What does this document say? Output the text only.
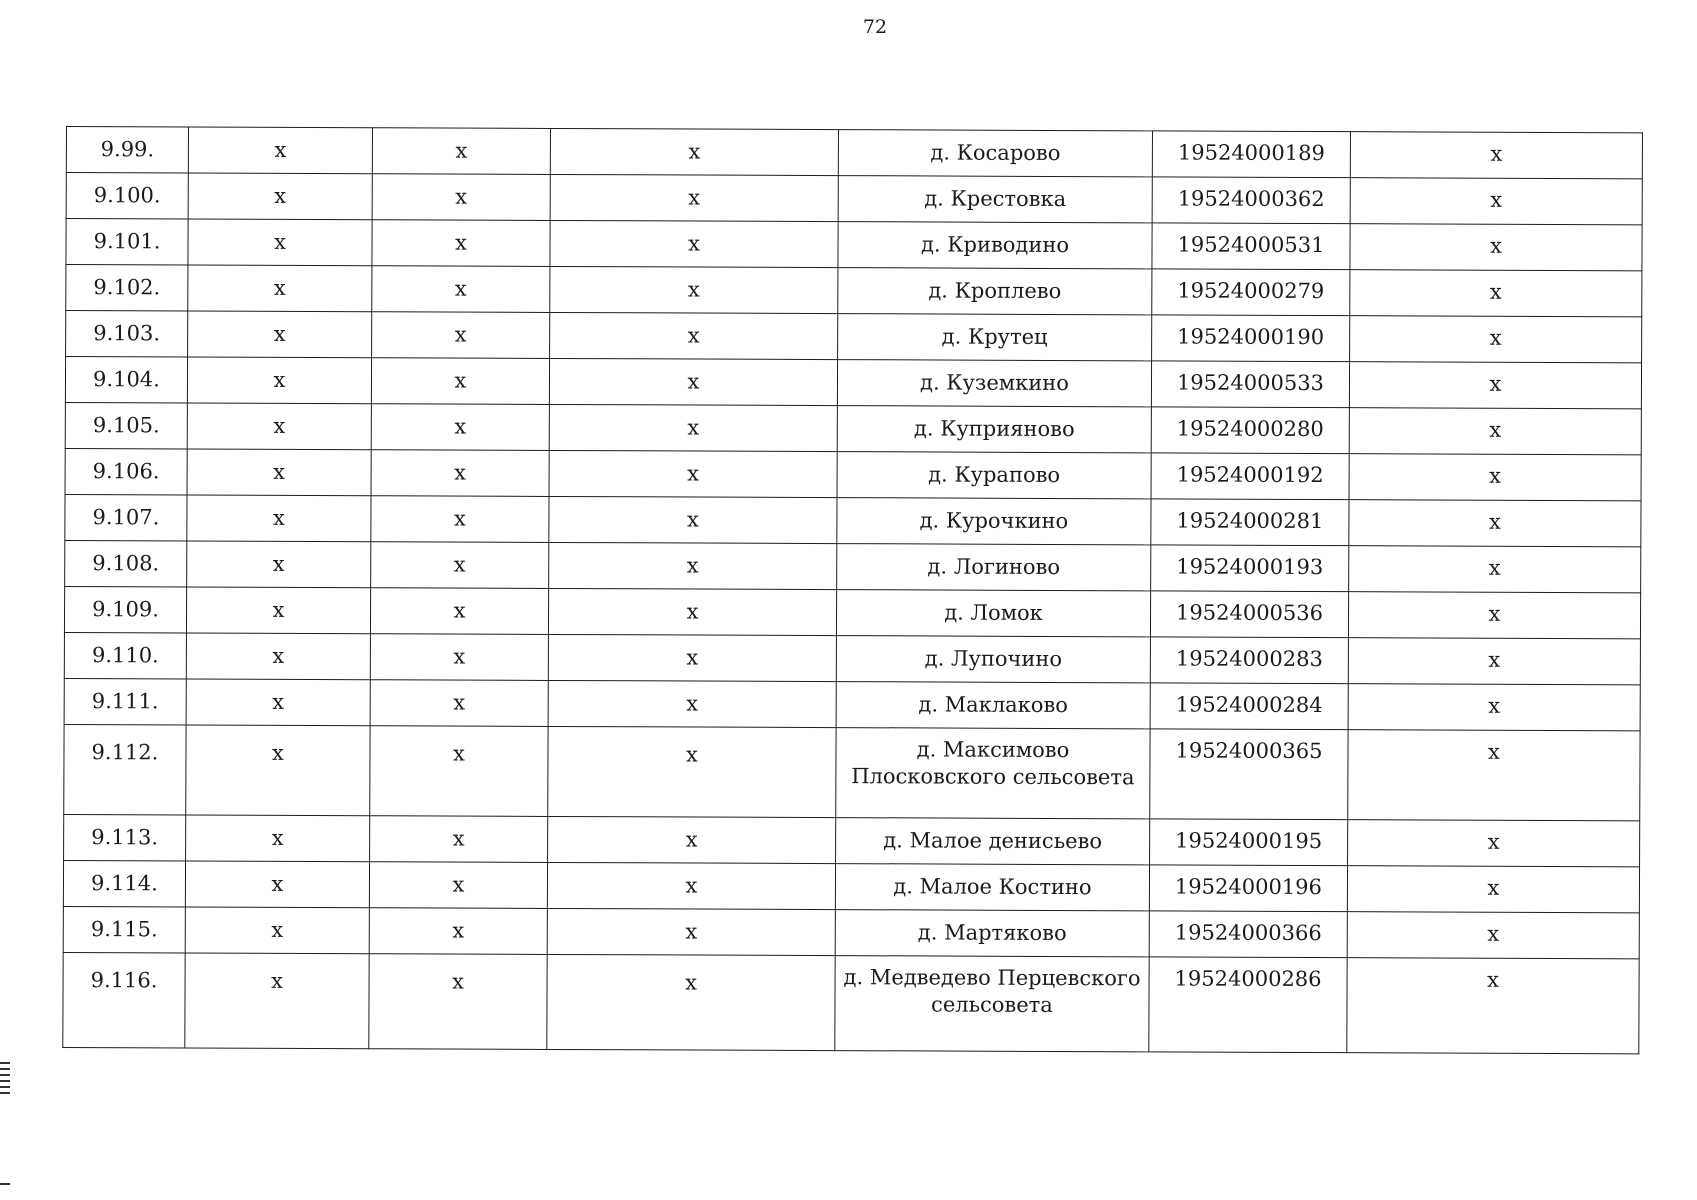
72
9.99.	x	x	x	д. Косарово	19524000189	x
9.100.	x	x	x	д. Крестовка	19524000362	x
9.101.	x	x	x	д. Криводино	19524000531	x
9.102.	x	x	x	д. Кроплево	19524000279	x
9.103.	x	x	x	д. Крутец	19524000190	x
9.104.	x	x	x	д. Куземкино	19524000533	x
9.105.	x	x	x	д. Куприяново	19524000280	x
9.106.	x	x	x	д. Курапово	19524000192	x
9.107.	x	x	x	д. Курочкино	19524000281	x
9.108.	x	x	x	д. Логиново	19524000193	x
9.109.	x	x	x	д. Ломок	19524000536	x
9.110.	x	x	x	д. Лупочино	19524000283	x
9.111.	x	x	x	д. Маклаково	19524000284	x
9.112.	x	x	x	д. Максимово Плосковского сельсовета	19524000365	x
9.113.	x	x	x	д. Малое денисьево	19524000195	x
9.114.	x	x	x	д. Малое Костино	19524000196	x
9.115.	x	x	x	д. Мартяково	19524000366	x
9.116.	x	x	x	д. Медведево Перцевского сельсовета	19524000286	x
